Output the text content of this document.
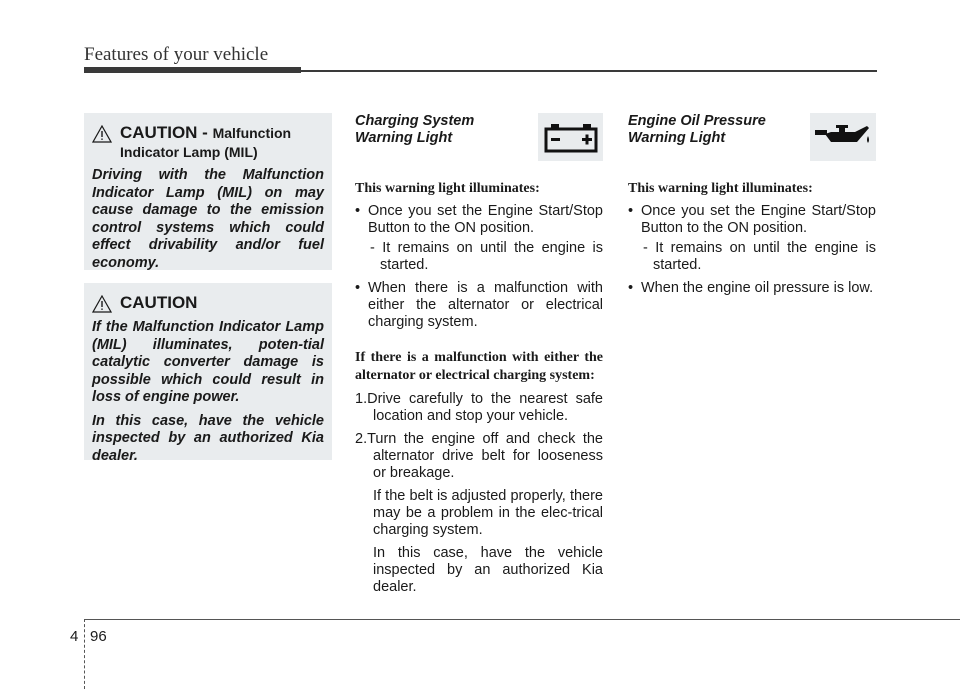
Features of your vehicle
CAUTION - Malfunction
Indicator Lamp (MIL)

Driving with the Malfunction Indicator Lamp (MIL) on may cause damage to the emission control systems which could effect drivability and/or fuel economy.

CAUTION

If the Malfunction Indicator Lamp (MIL) illuminates, poten-tial catalytic converter damage is possible which could result in loss of engine power.

In this case, have the vehicle inspected by an authorized Kia dealer.

Charging System
Warning Light
This warning light illuminates:
• Once you set the Engine Start/Stop Button to the ON position.
- It remains on until the engine is started.
• When there is a malfunction with either the alternator or electrical charging system.
If there is a malfunction with either the alternator or electrical charging system:
1.Drive carefully to the nearest safe location and stop your vehicle.
2.Turn the engine off and check the alternator drive belt for looseness or breakage.
If the belt is adjusted properly, there may be a problem in the elec-trical charging system.
In this case, have the vehicle inspected by an authorized Kia dealer.
Engine Oil Pressure
Warning Light
This warning light illuminates:
• Once you set the Engine Start/Stop Button to the ON position.
- It remains on until the engine is started.
• When the engine oil pressure is low.
4 96
